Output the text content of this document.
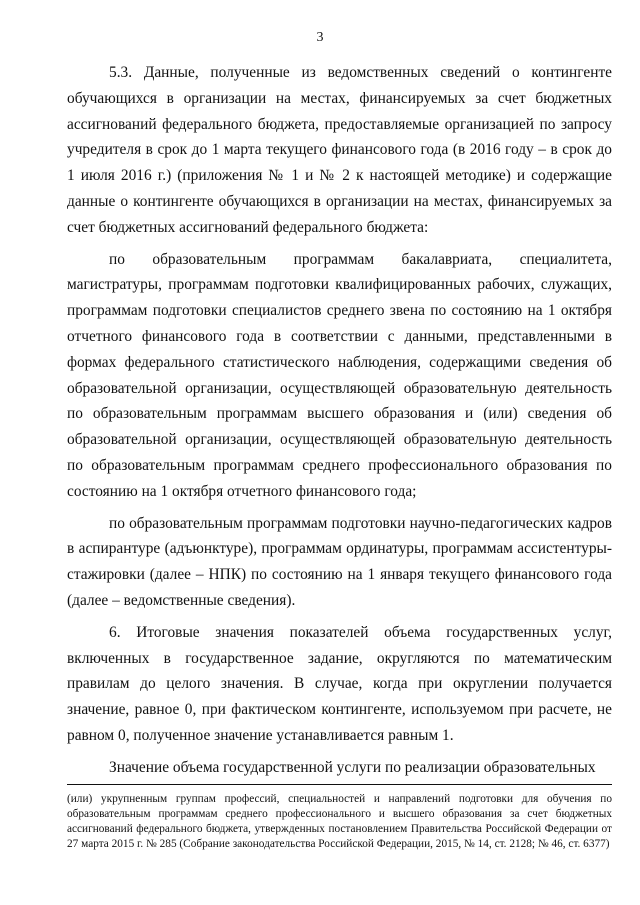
3

5.3. Данные, полученные из ведомственных сведений о контингенте обучающихся в организации на местах, финансируемых за счет бюджетных ассигнований федерального бюджета, предоставляемые организацией по запросу учредителя в срок до 1 марта текущего финансового года (в 2016 году – в срок до 1 июля 2016 г.) (приложения № 1 и № 2 к настоящей методике) и содержащие данные о контингенте обучающихся в организации на местах, финансируемых за счет бюджетных ассигнований федерального бюджета:

по образовательным программам бакалавриата, специалитета, магистратуры, программам подготовки квалифицированных рабочих, служащих, программам подготовки специалистов среднего звена по состоянию на 1 октября отчетного финансового года в соответствии с данными, представленными в формах федерального статистического наблюдения, содержащими сведения об образовательной организации, осуществляющей образовательную деятельность по образовательным программам высшего образования и (или) сведения об образовательной организации, осуществляющей образовательную деятельность по образовательным программам среднего профессионального образования по состоянию на 1 октября отчетного финансового года;

по образовательным программам подготовки научно-педагогических кадров в аспирантуре (адъюнктуре), программам ординатуры, программам ассистентуры-стажировки (далее – НПК) по состоянию на 1 января текущего финансового года (далее – ведомственные сведения).

6. Итоговые значения показателей объема государственных услуг, включенных в государственное задание, округляются по математическим правилам до целого значения. В случае, когда при округлении получается значение, равное 0, при фактическом контингенте, используемом при расчете, не равном 0, полученное значение устанавливается равным 1.

Значение объема государственной услуги по реализации образовательных

(или) укрупненным группам профессий, специальностей и направлений подготовки для обучения по образовательным программам среднего профессионального и высшего образования за счет бюджетных ассигнований федерального бюджета, утвержденных постановлением Правительства Российской Федерации от 27 марта 2015 г. № 285 (Собрание законодательства Российской Федерации, 2015, № 14, ст. 2128; № 46, ст. 6377)
